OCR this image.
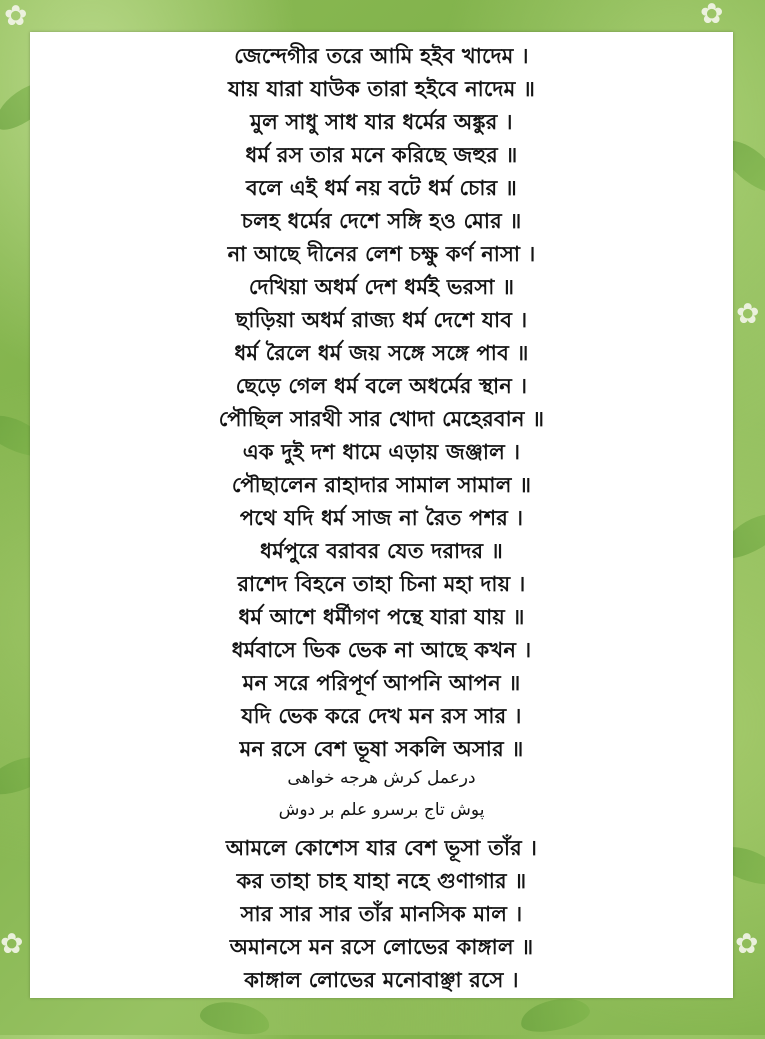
✿	✿
✿
✿	✿
জেন্দেগীর তরে আমি হইব খাদেম ।
যায় যারা যাউক তারা হইবে নাদেম ॥
মুল সাধু সাধ যার ধর্মের অঙ্কুর ।
ধর্ম রস তার মনে করিছে জহুর ॥
বলে এই ধর্ম নয় বটে ধর্ম চোর ॥
চলহ ধর্মের দেশে সঙ্গি হও মোর ॥
না আছে দীনের লেশ চক্ষু কর্ণ নাসা ।
দেখিয়া অধর্ম দেশ ধর্মই ভরসা ॥
ছাড়িয়া অধর্ম রাজ্য ধর্ম দেশে যাব ।
ধর্ম রৈলে ধর্ম জয় সঙ্গে সঙ্গে পাব ॥
ছেড়ে গেল ধর্ম বলে অধর্মের স্থান ।
পৌছিল সারথী সার খোদা মেহেরবান ॥
এক দুই দশ ধামে এড়ায় জঞ্জাল ।
পৌছালেন রাহাদার সামাল সামাল ॥
পথে যদি ধর্ম সাজ না রৈত পশর ।
ধর্মপুরে বরাবর যেত দরাদর ॥
রাশেদ বিহনে তাহা চিনা মহা দায় ।
ধর্ম আশে ধর্মীগণ পন্থে যারা যায় ॥
ধর্মবাসে ভিক ভেক না আছে কখন ।
মন সরে পরিপূর্ণ আপনি আপন ॥
যদি ভেক করে দেখ মন রস সার ।
মন রসে বেশ ভূষা সকলি অসার ॥
درعمل کرش هرجه خواهی
پوش تاج برسرو علم بر دوش
আমলে কোশেস যার বেশ ভূসা তাঁর ।
কর তাহা চাহ যাহা নহে গুণাগার ॥
সার সার সার তাঁর মানসিক মাল ।
অমানসে মন রসে লোভের কাঙ্গাল ॥
কাঙ্গাল লোভের মনোবাঞ্ছা রসে ।
